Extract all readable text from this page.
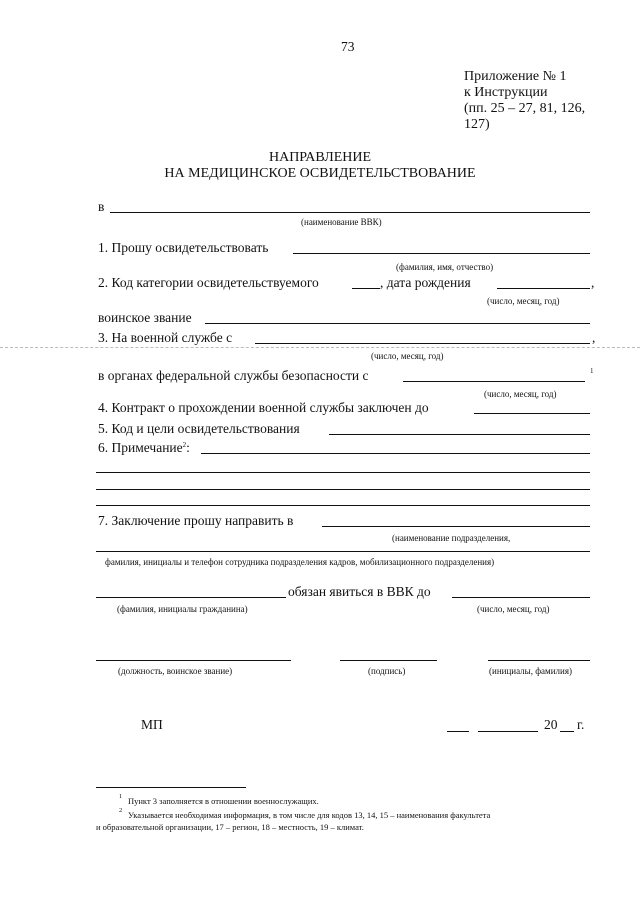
73
Приложение № 1
к Инструкции
(пп. 25 – 27, 81, 126,
127)
НАПРАВЛЕНИЕ
НА МЕДИЦИНСКОЕ ОСВИДЕТЕЛЬСТВОВАНИЕ
в
(наименование ВВК)
1. Прошу освидетельствовать
(фамилия, имя, отчество)
2. Код категории освидетельствуемого	, дата рождения	,
(число, месяц, год)
воинское звание
3. На военной службе с	,
(число, месяц, год)
в органах федеральной службы безопасности с	1
(число, месяц, год)
4. Контракт о прохождении военной службы заключен до
5. Код и цели освидетельствования
6. Примечание$^2$:
7. Заключение прошу направить в
(наименование подразделения,
фамилия, инициалы и телефон сотрудника подразделения кадров, мобилизационного подразделения)
обязан явиться в ВВК до
(фамилия, инициалы гражданина)	(число, месяц, год)
(должность, воинское звание)	(подпись)	(инициалы, фамилия)
МП	20 г.
1 Пункт 3 заполняется в отношении военнослужащих.
2 Указывается необходимая информация, в том числе для кодов 13, 14, 15 – наименования факультета
и образовательной организации, 17 – регион, 18 – местность, 19 – климат.
